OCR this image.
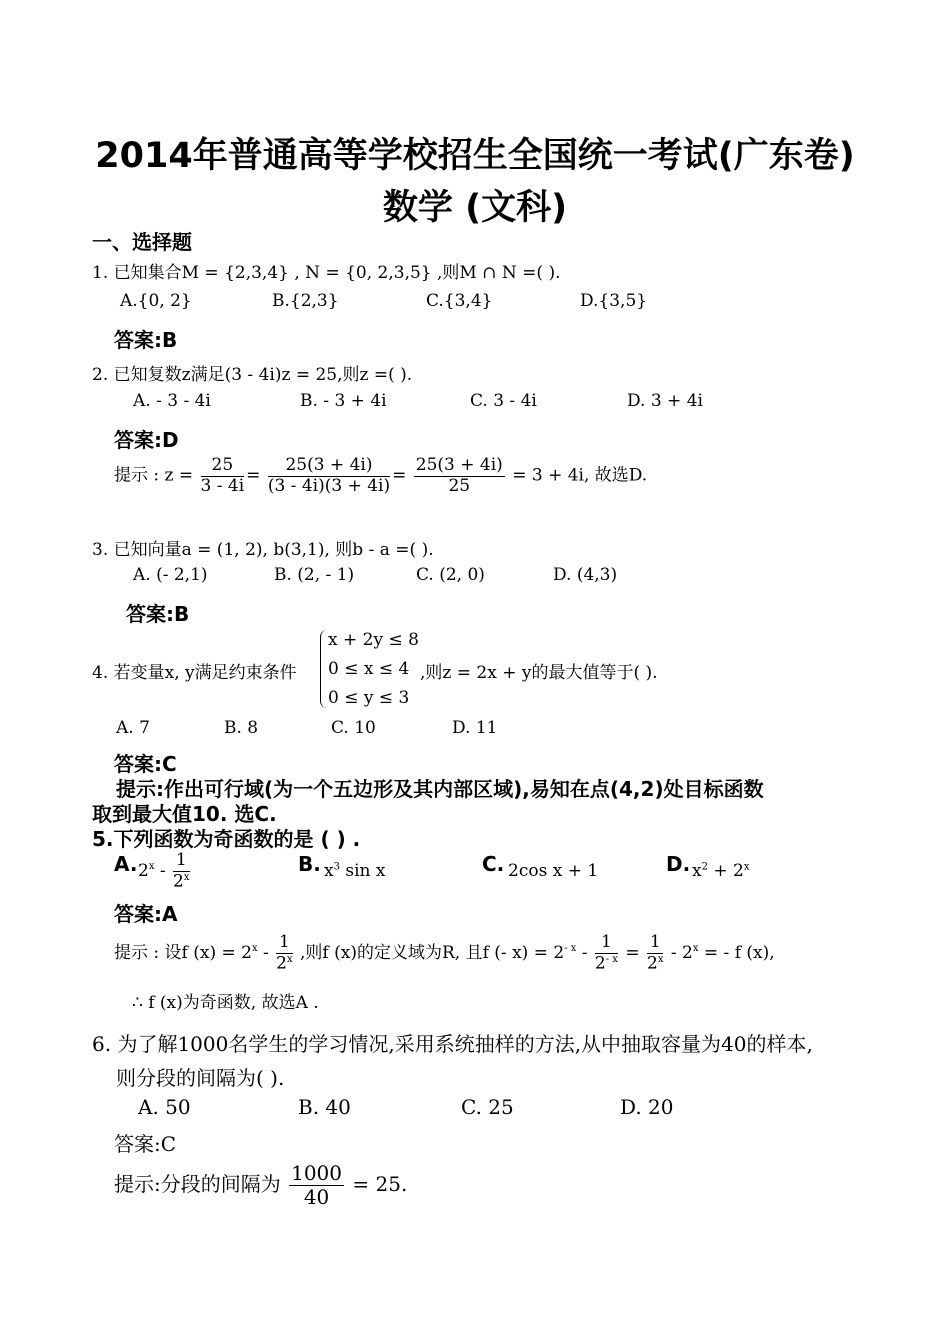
2014年普通高等学校招生全国统一考试(广东卷)
数学 (文科)
一、选择题
1. 已知集合M = {2,3,4} , N = {0, 2,3,5} ,则M ∩ N =( ).
A.{0, 2}	B.{2,3}	C.{3,4}	D.{3,5}
答案:B
2. 已知复数z满足(3 - 4i)z = 25,则z =( ).
A. - 3 - 4i	B. - 3 + 4i	C. 3 - 4i	D. 3 + 4i
答案:D
提示 : $z = \frac{25}{3 - 4i} = \frac{25(3 + 4i)}{(3 - 4i)(3 + 4i)} = \frac{25(3 + 4i)}{25} = 3 + 4i$, 故选D.
3. 已知向量a = (1, 2), b(3,1), 则b - a =( ).
A. (- 2,1)	B. (2, - 1)	C. (2, 0)	D. (4,3)
答案:B
4. 若变量x, y满足约束条件
x + 2y ≤ 8
0 ≤ x ≤ 4
0 ≤ y ≤ 3
,则z = 2x + y的最大值等于( ).
A. 7	B. 8	C. 10	D. 11
答案:C
提示:作出可行域(为一个五边形及其内部区域),易知在点(4,2)处目标函数
取到最大值10. 选C.
5.下列函数为奇函数的是 ( ) .
A. $2^x - \frac{1}{2^x}$	B. $x^3$ sin x	C. 2cos x + 1	D. $x^2 + 2^x$
答案:A
提示 : 设f $(x) = 2^x - \frac{1}{2^x}$ ,则f (x)的定义域为R, 且f (- $x) = 2^{- x} - \frac{1}{2^{- x}} = \frac{1}{2^x} - 2^x$ = - f (x),
∴ f (x)为奇函数, 故选A .
6. 为了解1000名学生的学习情况,采用系统抽样的方法,从中抽取容量为40的样本,
则分段的间隔为( ).
A. 50	B. 40	C. 25	D. 20
答案:C
提示:分段的间隔为 $\frac{1000}{40} = 25$.
